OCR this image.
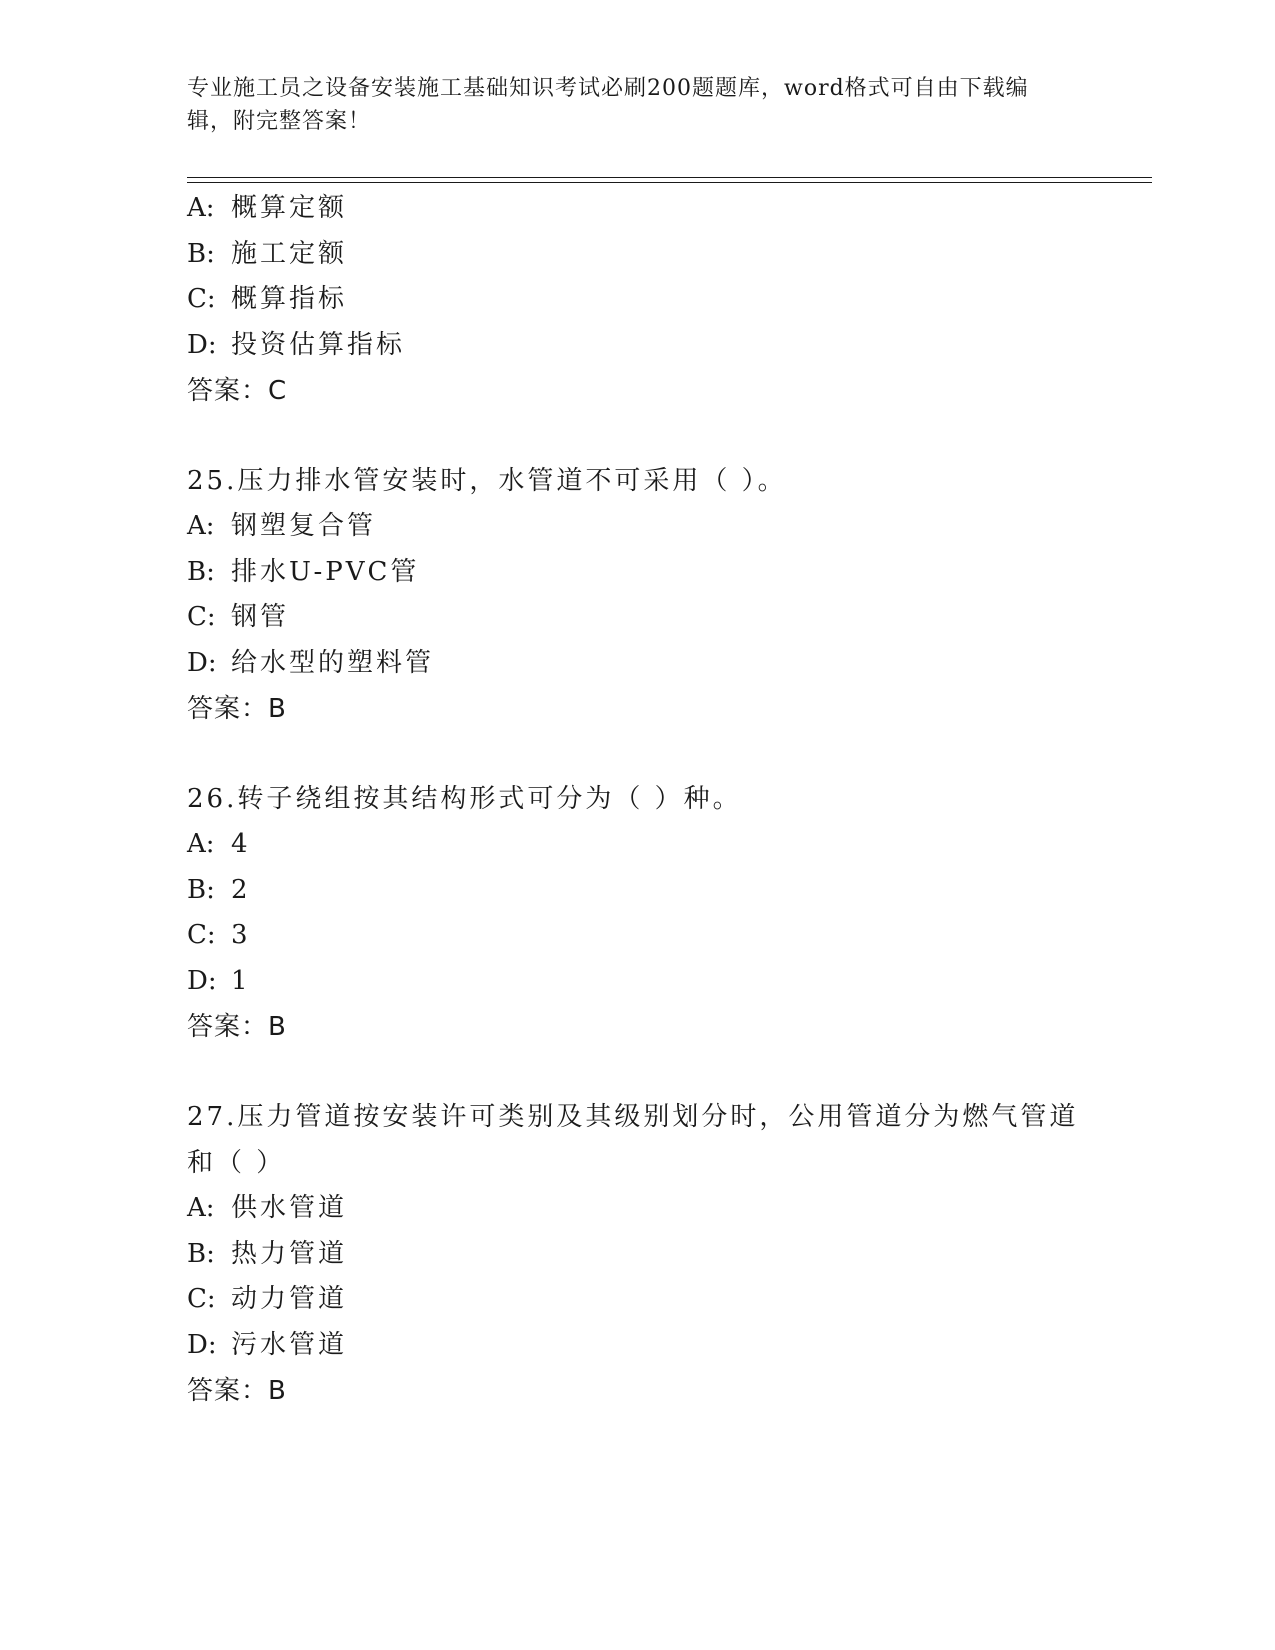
专业施工员之设备安装施工基础知识考试必刷200题题库，word格式可自由下载编辑，附完整答案！
A: 概算定额
B: 施工定额
C: 概算指标
D: 投资估算指标
答案：C
25.压力排水管安装时，水管道不可采用（ ）。
A: 钢塑复合管
B: 排水U-PVC管
C: 钢管
D: 给水型的塑料管
答案：B
26.转子绕组按其结构形式可分为（ ）种。
A: 4
B: 2
C: 3
D: 1
答案：B
27.压力管道按安装许可类别及其级别划分时，公用管道分为燃气管道和（ ）
A: 供水管道
B: 热力管道
C: 动力管道
D: 污水管道
答案：B
